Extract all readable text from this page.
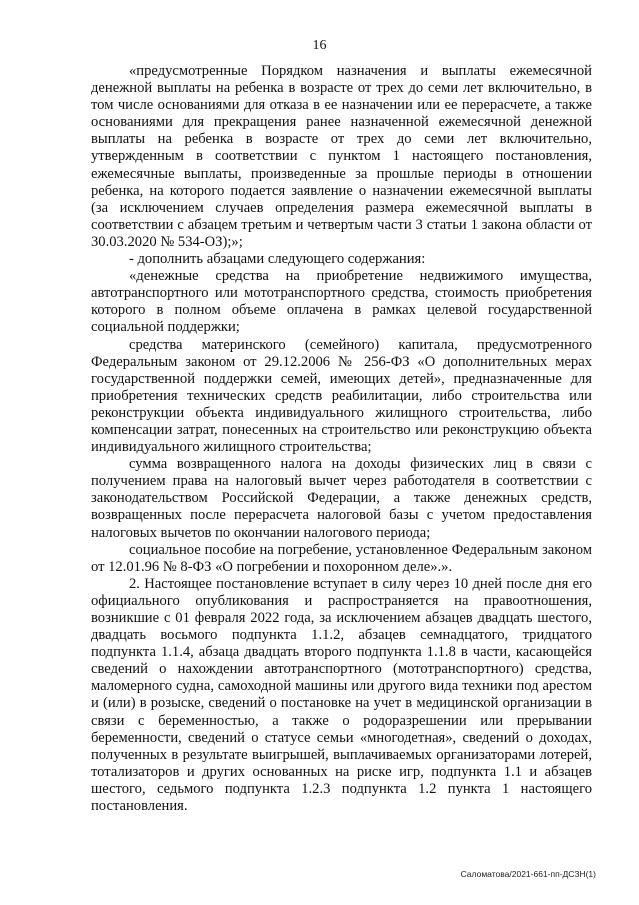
16

«предусмотренные Порядком назначения и выплаты ежемесячной денежной выплаты на ребенка в возрасте от трех до семи лет включительно, в том числе основаниями для отказа в ее назначении или ее перерасчете, а также основаниями для прекращения ранее назначенной ежемесячной денежной выплаты на ребенка в возрасте от трех до семи лет включительно, утвержденным в соответствии с пунктом 1 настоящего постановления, ежемесячные выплаты, произведенные за прошлые периоды в отношении ребенка, на которого подается заявление о назначении ежемесячной выплаты (за исключением случаев определения размера ежемесячной выплаты в соответствии с абзацем третьим и четвертым части 3 статьи 1 закона области от 30.03.2020 № 534-ОЗ);»;

- дополнить абзацами следующего содержания:

«денежные средства на приобретение недвижимого имущества, автотранспортного или мототранспортного средства, стоимость приобретения которого в полном объеме оплачена в рамках целевой государственной социальной поддержки;

средства материнского (семейного) капитала, предусмотренного Федеральным законом от 29.12.2006 № 256-ФЗ «О дополнительных мерах государственной поддержки семей, имеющих детей», предназначенные для приобретения технических средств реабилитации, либо строительства или реконструкции объекта индивидуального жилищного строительства, либо компенсации затрат, понесенных на строительство или реконструкцию объекта индивидуального жилищного строительства;

сумма возвращенного налога на доходы физических лиц в связи с получением права на налоговый вычет через работодателя в соответствии с законодательством Российской Федерации, а также денежных средств, возвращенных после перерасчета налоговой базы с учетом предоставления налоговых вычетов по окончании налогового периода;

социальное пособие на погребение, установленное Федеральным законом от 12.01.96 № 8-ФЗ «О погребении и похоронном деле».».

2. Настоящее постановление вступает в силу через 10 дней после дня его официального опубликования и распространяется на правоотношения, возникшие с 01 февраля 2022 года, за исключением абзацев двадцать шестого, двадцать восьмого подпункта 1.1.2, абзацев семнадцатого, тридцатого подпункта 1.1.4, абзаца двадцать второго подпункта 1.1.8 в части, касающейся сведений о нахождении автотранспортного (мототранспортного) средства, маломерного судна, самоходной машины или другого вида техники под арестом и (или) в розыске, сведений о постановке на учет в медицинской организации в связи с беременностью, а также о родоразрешении или прерывании беременности, сведений о статусе семьи «многодетная», сведений о доходах, полученных в результате выигрышей, выплачиваемых организаторами лотерей, тотализаторов и других основанных на риске игр, подпункта 1.1 и абзацев шестого, седьмого подпункта 1.2.3 подпункта 1.2 пункта 1 настоящего постановления.

Саломатова/2021-661-пп-ДСЗН(1)
